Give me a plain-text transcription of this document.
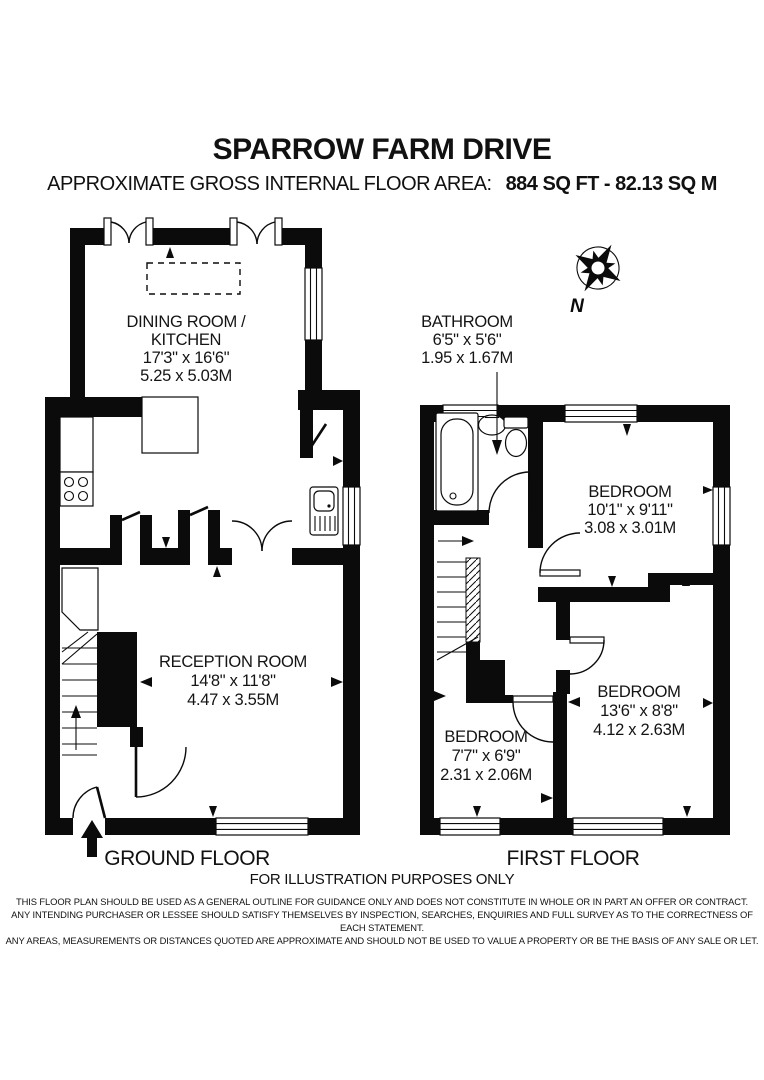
SPARROW FARM DRIVE
APPROXIMATE GROSS INTERNAL FLOOR AREA: 884 SQ FT - 82.13 SQ M
DINING ROOM /
KITCHEN
17'3" x 16'6"
5.25 x 5.03M
RECEPTION ROOM
14'8" x 11'8"
4.47 x 3.55M
BATHROOM
6'5" x 5'6"
1.95 x 1.67M
BEDROOM
10'1" x 9'11"
3.08 x 3.01M
BEDROOM
7'7" x 6'9"
2.31 x 2.06M
BEDROOM
13'6" x 8'8"
4.12 x 2.63M
N
GROUND FLOOR	FIRST FLOOR
FOR ILLUSTRATION PURPOSES ONLY
THIS FLOOR PLAN SHOULD BE USED AS A GENERAL OUTLINE FOR GUIDANCE ONLY AND DOES NOT CONSTITUTE IN WHOLE OR IN PART AN OFFER OR CONTRACT.
ANY INTENDING PURCHASER OR LESSEE SHOULD SATISFY THEMSELVES BY INSPECTION, SEARCHES, ENQUIRIES AND FULL SURVEY AS TO THE CORRECTNESS OF EACH STATEMENT.
ANY AREAS, MEASUREMENTS OR DISTANCES QUOTED ARE APPROXIMATE AND SHOULD NOT BE USED TO VALUE A PROPERTY OR BE THE BASIS OF ANY SALE OR LET.
